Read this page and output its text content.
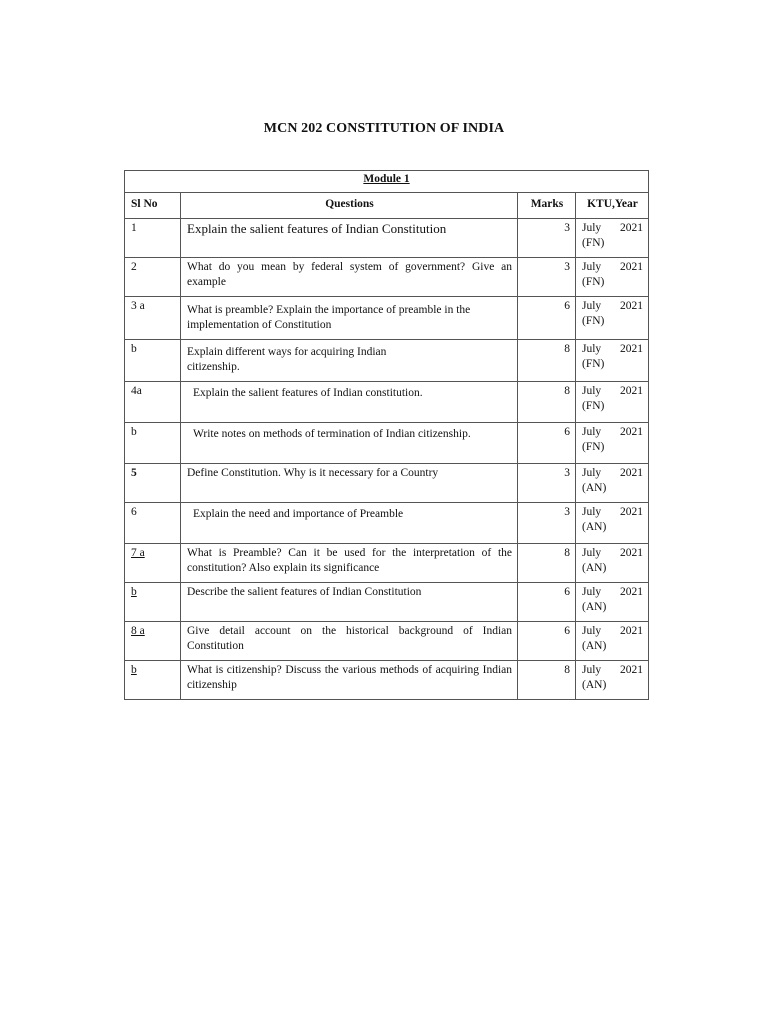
MCN 202 CONSTITUTION OF INDIA
Module 1			
Sl No	Questions	Marks	KTU,Year
1	Explain the salient features of Indian Constitution	3	July 2021
(FN)

2	What do you mean by federal system of government? Give an example	3	July 2021
(FN)

3 a	What is preamble? Explain the importance of preamble in the implementation of Constitution	6	July 2021
(FN)

b	Explain different ways for acquiring Indian citizenship.	8	July 2021
(FN)

4a	Explain the salient features of Indian constitution.	8	July 2021
(FN)

b	Write notes on methods of termination of Indian citizenship.	6	July 2021
(FN)

5	Define Constitution. Why is it necessary for a Country	3	July 2021
(AN)

6	Explain the need and importance of Preamble	3	July 2021
(AN)

7 a	What is Preamble? Can it be used for the interpretation of the constitution? Also explain its significance	8	July 2021
(AN)

b	Describe the salient features of Indian Constitution	6	July 2021
(AN)

8 a	Give detail account on the historical background of Indian Constitution	6	July 2021
(AN)

b	What is citizenship? Discuss the various methods of acquiring Indian citizenship	8	July 2021
(AN)
